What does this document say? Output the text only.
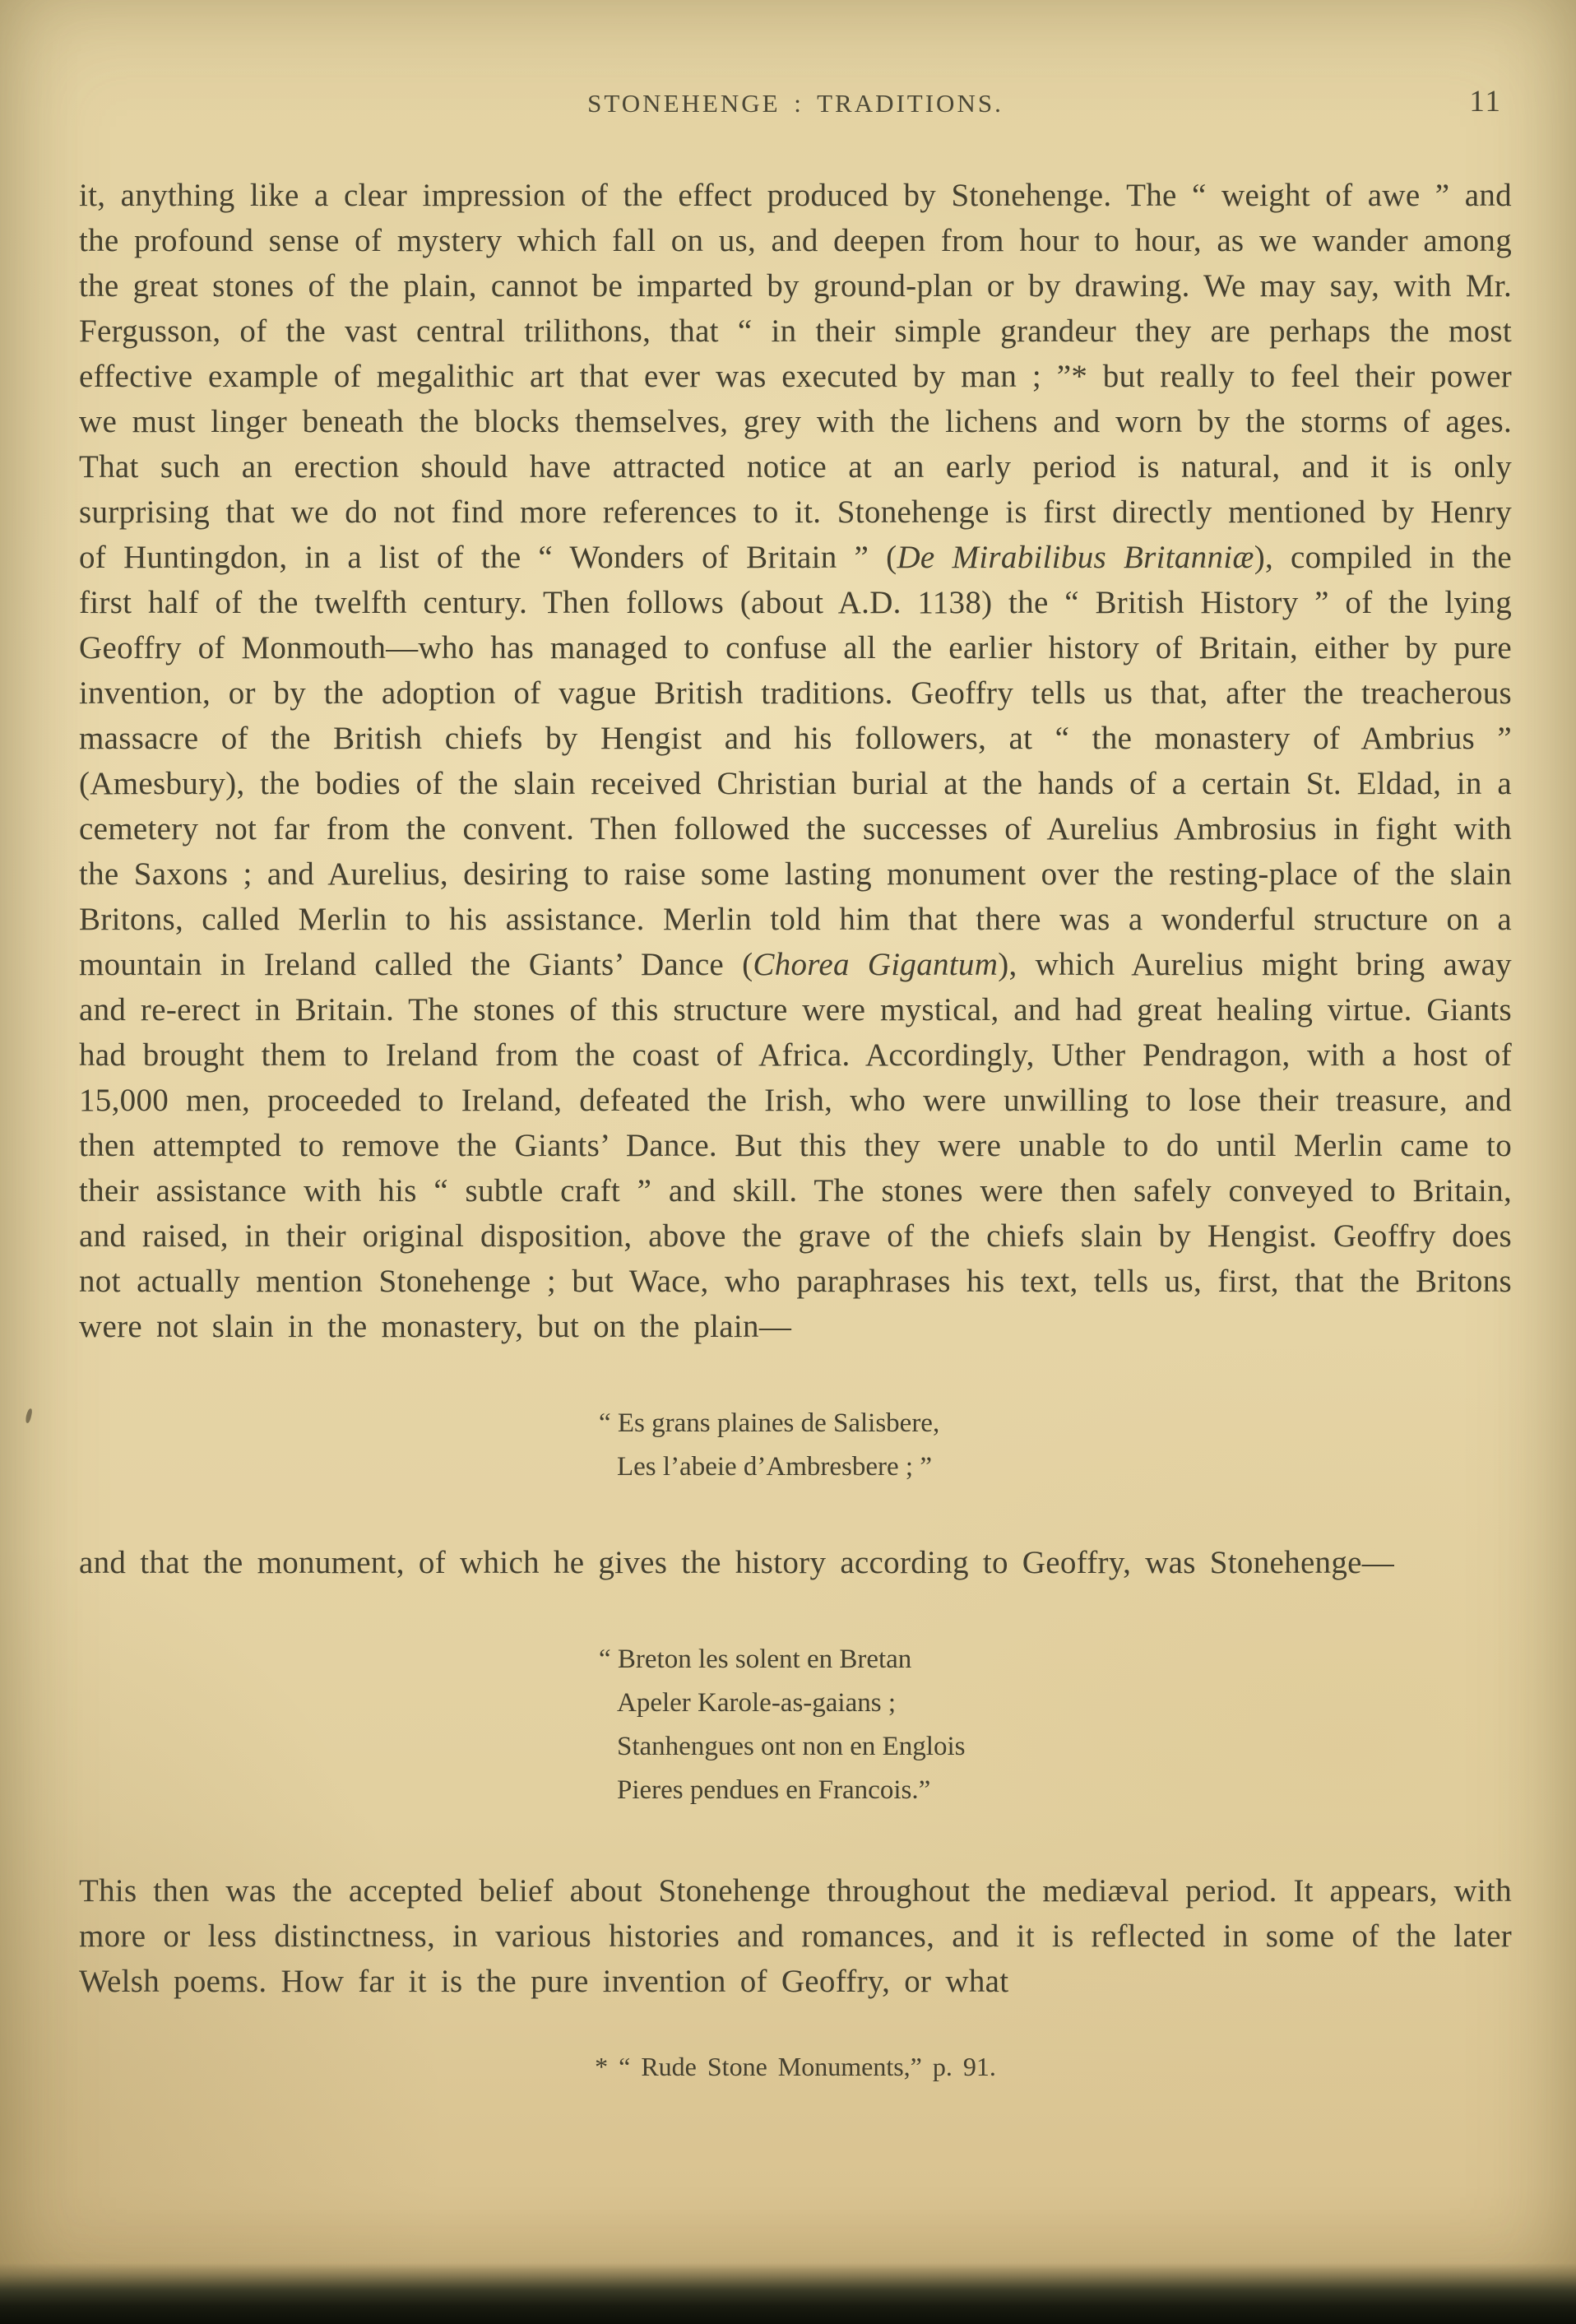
STONEHENGE : TRADITIONS.	11

it, anything like a clear impression of the effect produced by Stonehenge. The “ weight of awe ” and the profound sense of mystery which fall on us, and deepen from hour to hour, as we wander among the great stones of the plain, cannot be imparted by ground-plan or by drawing. We may say, with Mr. Fergusson, of the vast central trilithons, that “ in their simple grandeur they are perhaps the most effective example of megalithic art that ever was executed by man ; ”* but really to feel their power we must linger beneath the blocks themselves, grey with the lichens and worn by the storms of ages. That such an erection should have attracted notice at an early period is natural, and it is only surprising that we do not find more references to it. Stonehenge is first directly mentioned by Henry of Huntingdon, in a list of the “ Wonders of Britain ” (De Mirabilibus Britanniæ), compiled in the first half of the twelfth century. Then follows (about A.D. 1138) the “ British History ” of the lying Geoffry of Monmouth—who has managed to confuse all the earlier history of Britain, either by pure invention, or by the adoption of vague British traditions. Geoffry tells us that, after the treacherous massacre of the British chiefs by Hengist and his followers, at “ the monastery of Ambrius ” (Amesbury), the bodies of the slain received Christian burial at the hands of a certain St. Eldad, in a cemetery not far from the convent. Then followed the successes of Aurelius Ambrosius in fight with the Saxons ; and Aurelius, desiring to raise some lasting monument over the resting-place of the slain Britons, called Merlin to his assistance. Merlin told him that there was a wonderful structure on a mountain in Ireland called the Giants’ Dance (Chorea Gigantum), which Aurelius might bring away and re-erect in Britain. The stones of this structure were mystical, and had great healing virtue. Giants had brought them to Ireland from the coast of Africa. Accordingly, Uther Pendragon, with a host of 15,000 men, proceeded to Ireland, defeated the Irish, who were unwilling to lose their treasure, and then attempted to remove the Giants’ Dance. But this they were unable to do until Merlin came to their assistance with his “ subtle craft ” and skill. The stones were then safely conveyed to Britain, and raised, in their original disposition, above the grave of the chiefs slain by Hengist. Geoffry does not actually mention Stonehenge ; but Wace, who paraphrases his text, tells us, first, that the Britons were not slain in the monastery, but on the plain—

“ Es grans plaines de Salisbere,
Les l’abeie d’Ambresbere ; ”

and that the monument, of which he gives the history according to Geoffry, was Stonehenge—

“ Breton les solent en Bretan
Apeler Karole-as-gaians ;
Stanhengues ont non en Englois
Pieres pendues en Francois.”

This then was the accepted belief about Stonehenge throughout the mediæval period. It appears, with more or less distinctness, in various histories and romances, and it is reflected in some of the later Welsh poems. How far it is the pure invention of Geoffry, or what

* “ Rude Stone Monuments,” p. 91.
